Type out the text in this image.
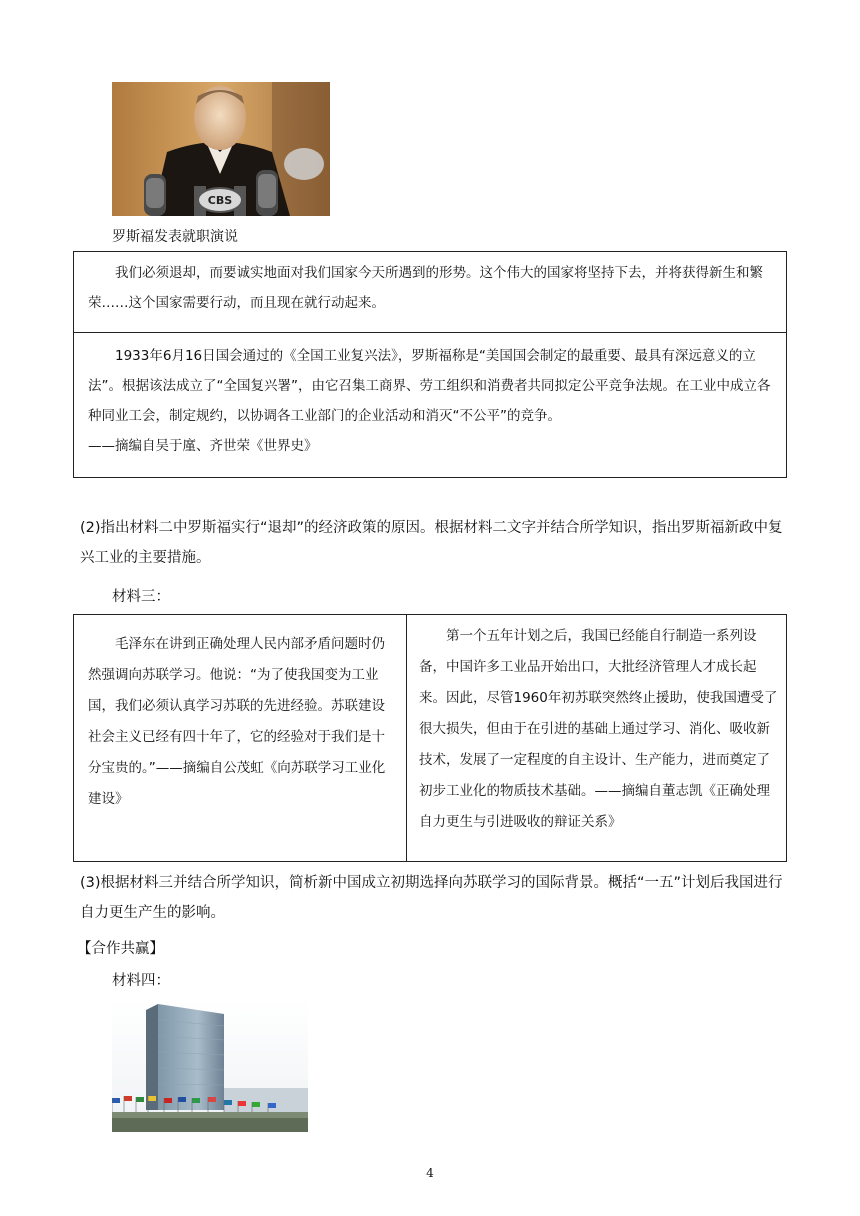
CBS
罗斯福发表就职演说
我们必须退却，而要诚实地面对我们国家今天所遇到的形势。这个伟大的国家将坚持下去，并将获得新生和繁荣……这个国家需要行动，而且现在就行动起来。
1933年6月16日国会通过的《全国工业复兴法》，罗斯福称是“美国国会制定的最重要、最具有深远意义的立法”。根据该法成立了“全国复兴署”，由它召集工商界、劳工组织和消费者共同拟定公平竞争法规。在工业中成立各种同业工会，制定规约，以协调各工业部门的企业活动和消灭“不公平”的竞争。
——摘编自吴于廑、齐世荣《世界史》
(2)指出材料二中罗斯福实行“退却”的经济政策的原因。根据材料二文字并结合所学知识，指出罗斯福新政中复兴工业的主要措施。
材料三：
毛泽东在讲到正确处理人民内部矛盾问题时仍然强调向苏联学习。他说：“为了使我国变为工业国，我们必须认真学习苏联的先进经验。苏联建设社会主义已经有四十年了，它的经验对于我们是十分宝贵的。”——摘编自公茂虹《向苏联学习工业化建设》
第一个五年计划之后，我国已经能自行制造一系列设备，中国许多工业品开始出口，大批经济管理人才成长起来。因此，尽管1960年初苏联突然终止援助，使我国遭受了很大损失，但由于在引进的基础上通过学习、消化、吸收新技术，发展了一定程度的自主设计、生产能力，进而奠定了初步工业化的物质技术基础。——摘编自董志凯《正确处理自力更生与引进吸收的辩证关系》
(3)根据材料三并结合所学知识，简析新中国成立初期选择向苏联学习的国际背景。概括“一五”计划后我国进行自力更生产生的影响。
【合作共赢】
材料四：
4
